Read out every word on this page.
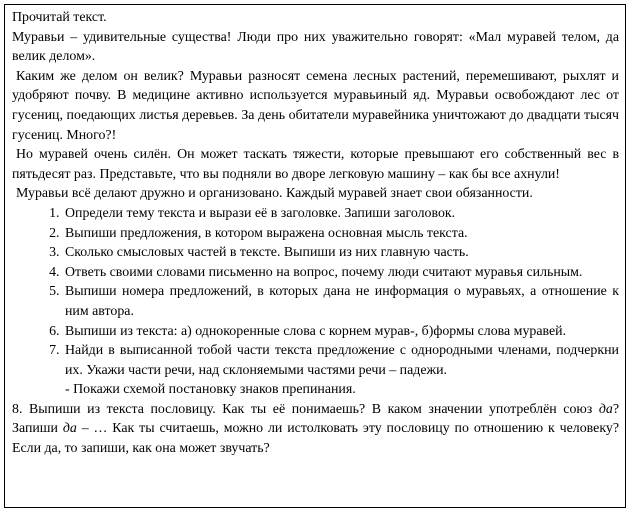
Прочитай текст.

Муравьи – удивительные существа! Люди про них уважительно говорят: «Мал муравей телом, да велик делом».

Каким же делом он велик? Муравьи разносят семена лесных растений, перемешивают, рыхлят и удобряют почву. В медицине активно используется муравьиный яд. Муравьи освобождают лес от гусениц, поедающих листья деревьев. За день обитатели муравейника уничтожают до двадцати тысяч гусениц. Много?!

Но муравей очень силён. Он может таскать тяжести, которые превышают его собственный вес в пятьдесят раз. Представьте, что вы подняли во дворе легковую машину – как бы все ахнули!

Муравьи всё делают дружно и организовано. Каждый муравей знает свои обязанности.

1. Определи тему текста и вырази её в заголовке. Запиши заголовок.
2. Выпиши предложения, в котором выражена основная мысль текста.
3. Сколько смысловых частей в тексте. Выпиши из них главную часть.
4. Ответь своими словами письменно на вопрос, почему люди считают муравья сильным.
5. Выпиши номера предложений, в которых дана не информация о муравьях, а отношение к ним автора.
6. Выпиши из текста: а) однокоренные слова с корнем мурав-, б)формы слова муравей.
7. Найди в выписанной тобой части текста предложение с однородными членами, подчеркни их. Укажи части речи, над склоняемыми частями речи – падежи.

- Покажи схемой постановку знаков препинания.

8. Выпиши из текста пословицу. Как ты её понимаешь? В каком значении употреблён союз да? Запиши да – … Как ты считаешь, можно ли истолковать эту пословицу по отношению к человеку? Если да, то запиши, как она может звучать?
